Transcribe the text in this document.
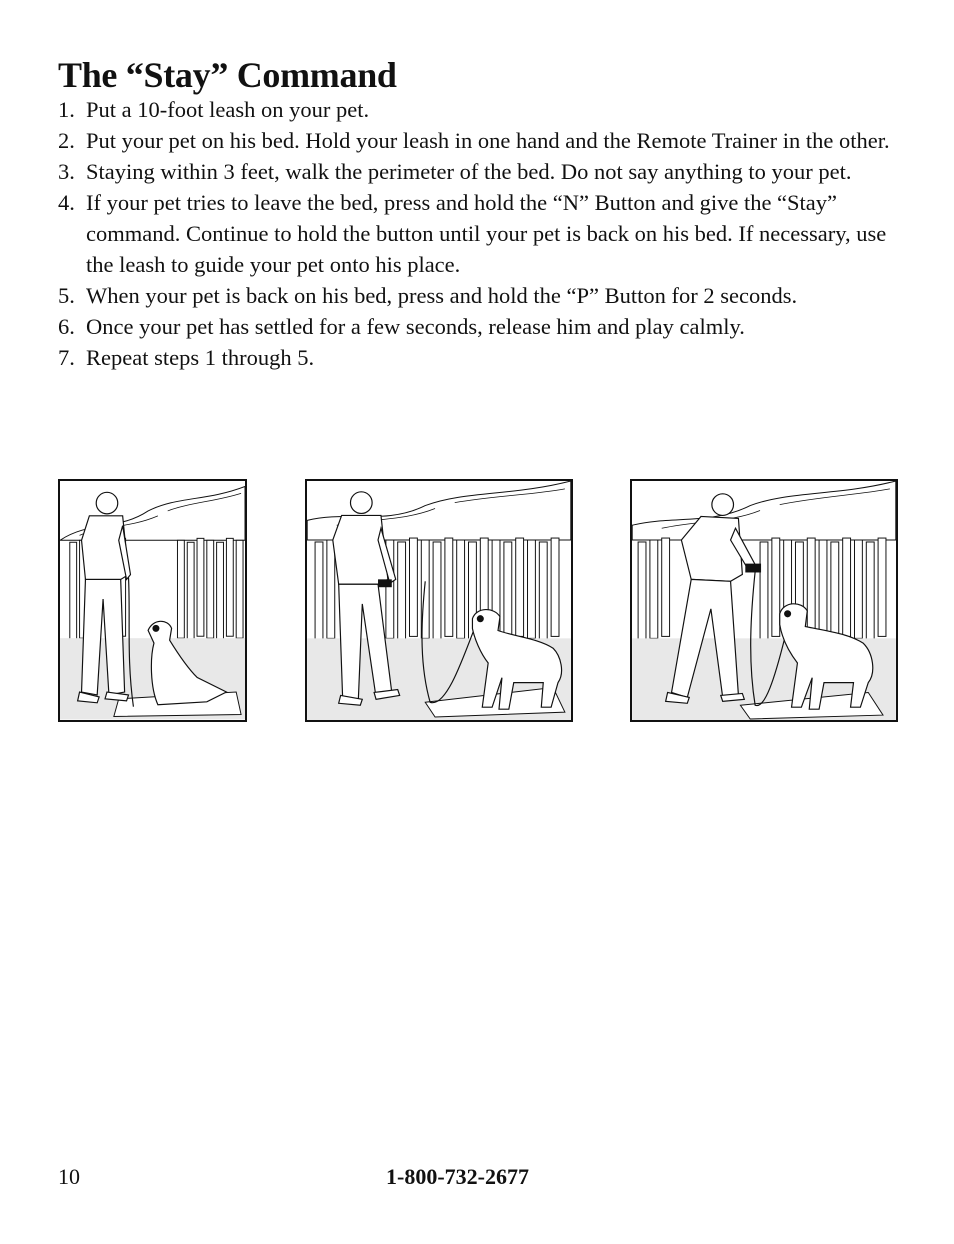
The “Stay” Command
1. Put a 10-foot leash on your pet.
2. Put your pet on his bed. Hold your leash in one hand and the Remote Trainer in the other.
3. Staying within 3 feet, walk the perimeter of the bed. Do not say anything to your pet.
4. If your pet tries to leave the bed, press and hold the “N” Button and give the “Stay” command. Continue to hold the button until your pet is back on his bed. If necessary, use the leash to guide your pet onto his place.
5. When your pet is back on his bed, press and hold the “P” Button for 2 seconds.
6. Once your pet has settled for a few seconds, release him and play calmly.
7. Repeat steps 1 through 5.
10	1-800-732-2677
